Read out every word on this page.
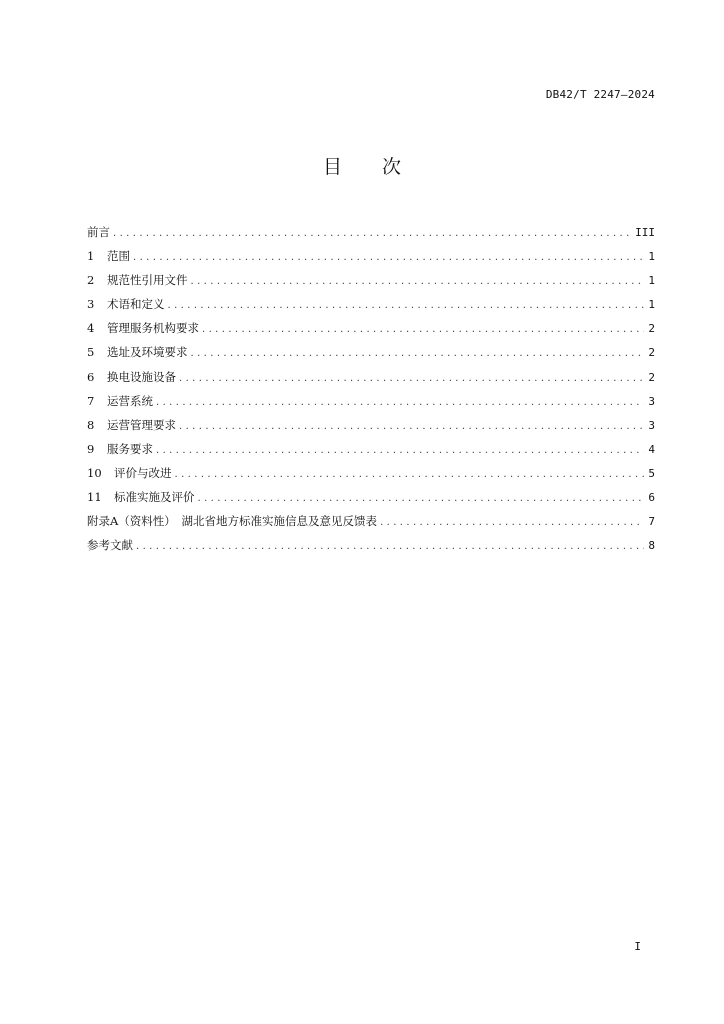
DB42/T 2247—2024
目次
前言 .....	III
1	范围 .....	1
2	规范性引用文件 .....	1
3	术语和定义 .....	1
4	管理服务机构要求 .....	2
5	选址及环境要求 .....	2
6	换电设施设备 .....	2
7	运营系统 .....	3
8	运营管理要求 .....	3
9	服务要求 .....	4
10	评价与改进 .....	5
11	标准实施及评价 .....	6
附录A（资料性）　湖北省地方标准实施信息及意见反馈表 .....	7
参考文献 .....	8
I
